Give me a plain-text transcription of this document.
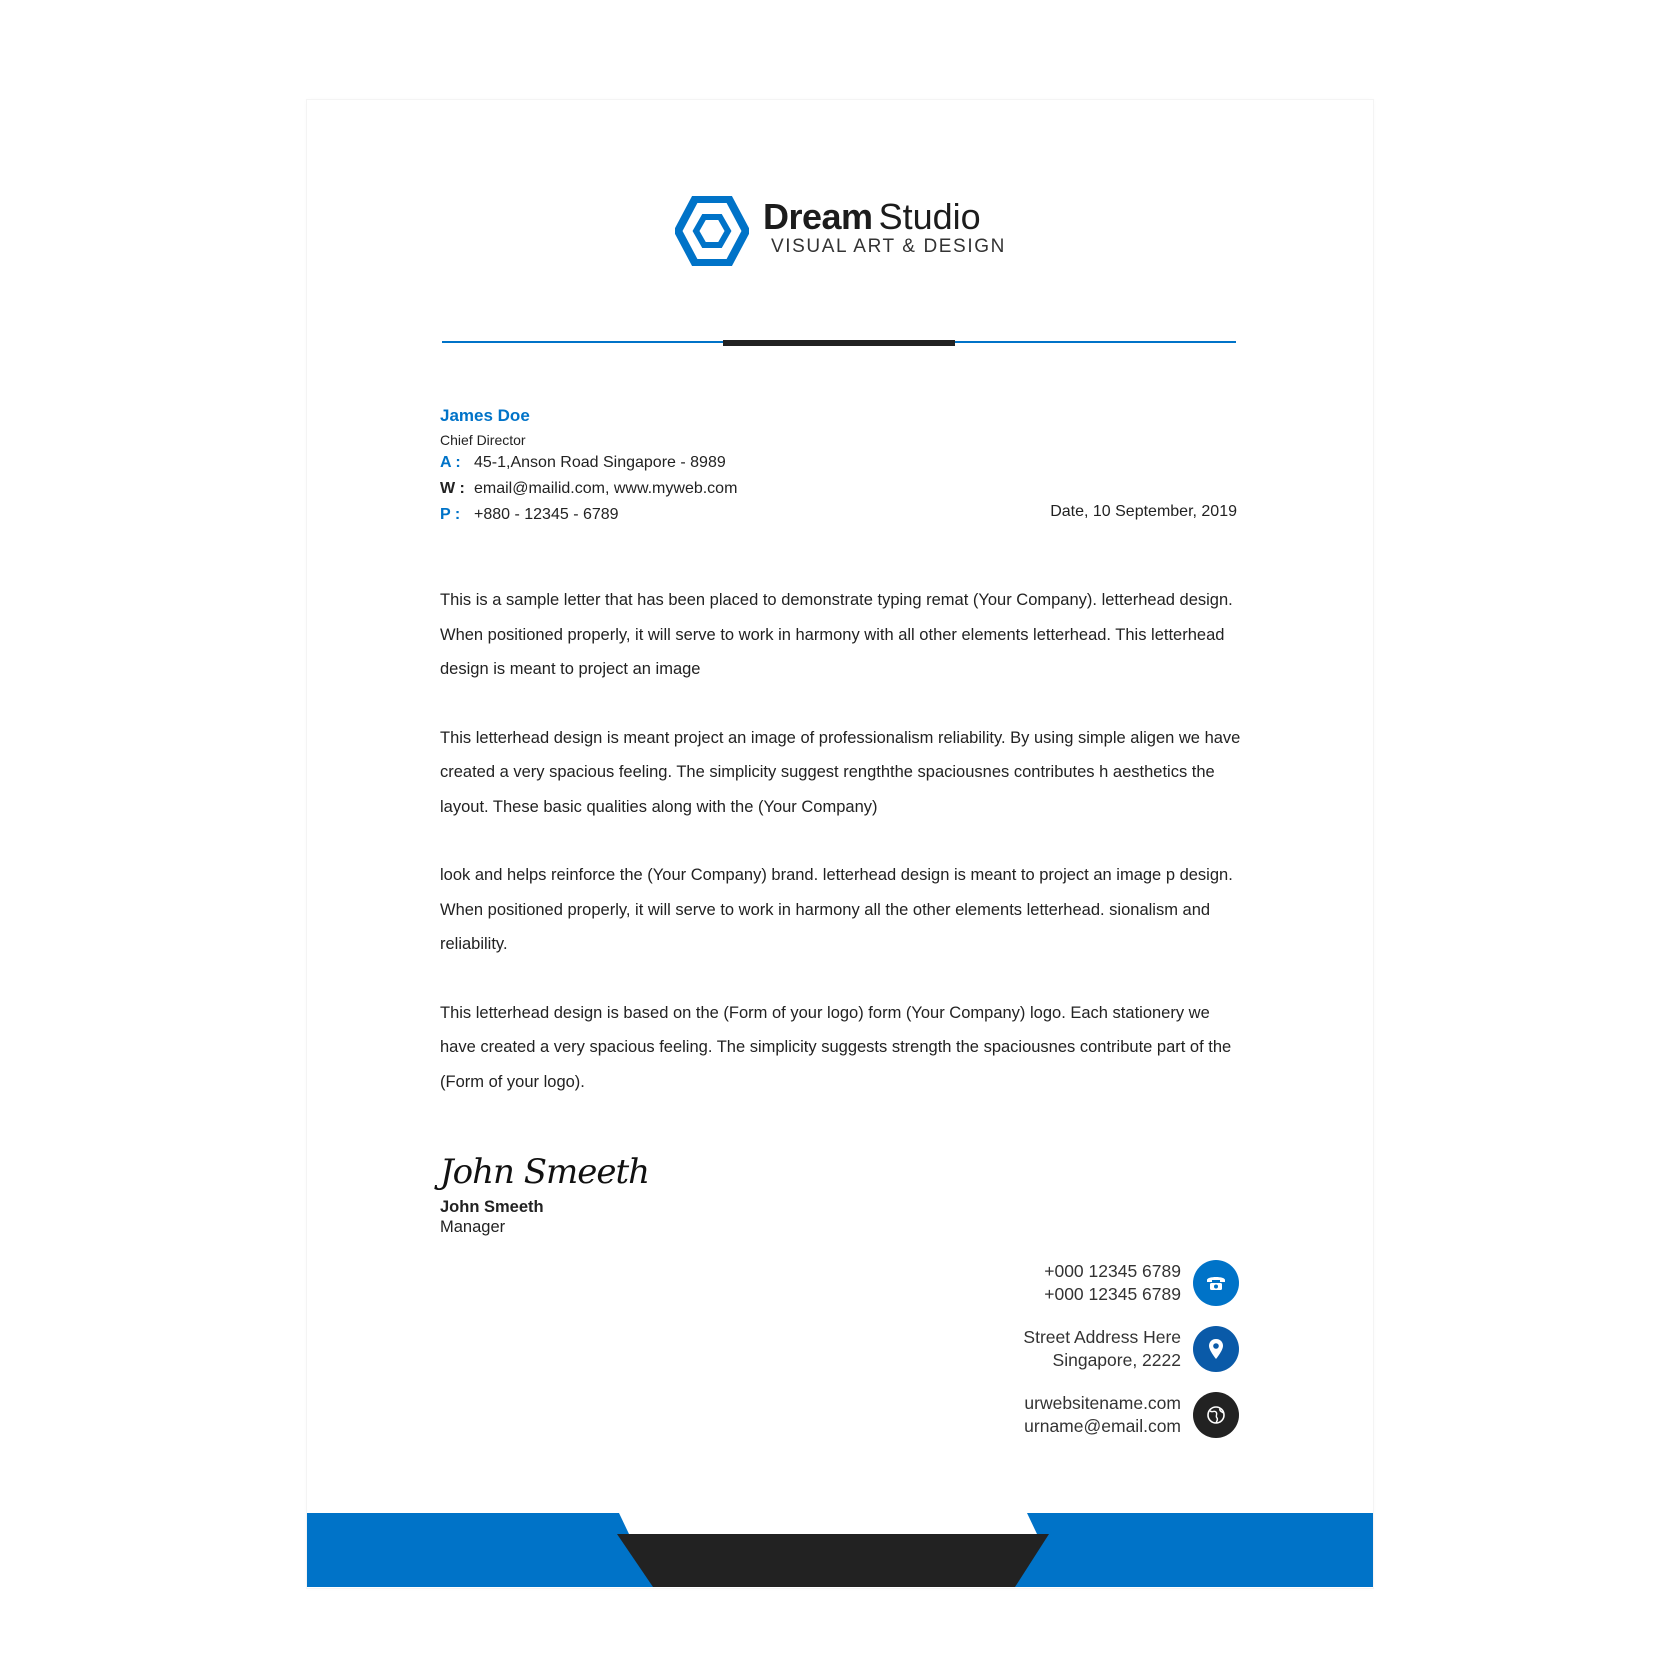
Dream Studio
VISUAL ART & DESIGN
James Doe
Chief Director
A : 45-1,Anson Road Singapore - 8989
W : email@mailid.com, www.myweb.com
P : +880 - 12345 - 6789	Date, 10 September, 2019

This is a sample letter that has been placed to demonstrate typing remat (Your Company). letterhead design. When positioned properly, it will serve to work in harmony with all other elements letterhead. This letterhead design is meant to project an image

This letterhead design is meant project an image of professionalism reliability. By using simple aligen we have created a very spacious feeling. The simplicity suggest rengththe spaciousnes contributes h aesthetics the layout. These basic qualities along with the (Your Company)

look and helps reinforce the (Your Company) brand. letterhead design is meant to project an image p design. When positioned properly, it will serve to work in harmony all the other elements letterhead. sionalism and reliability.

This letterhead design is based on the (Form of your logo) form (Your Company) logo. Each stationery we have created a very spacious feeling. The simplicity suggests strength the spaciousnes contribute part of the (Form of your logo).

John Smeeth
John Smeeth
Manager
+000 12345 6789
+000 12345 6789
Street Address Here
Singapore, 2222
urwebsitename.com
urname@email.com
